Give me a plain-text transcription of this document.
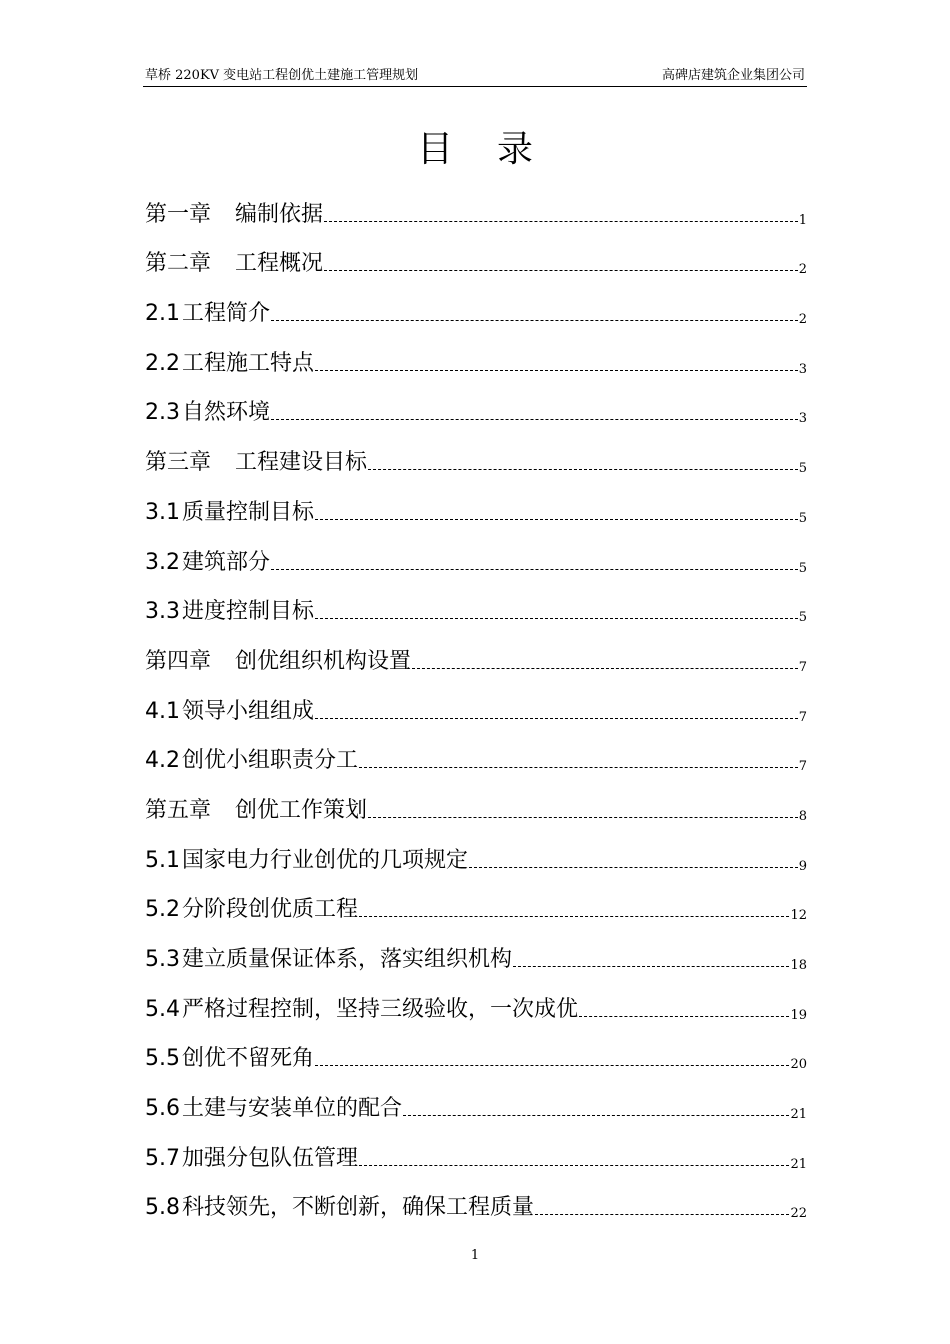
草桥 220KV 变电站工程创优土建施工管理规划	高碑店建筑企业集团公司
目 录
第一章 编制依据	1
第二章 工程概况	2
2.1工程简介	2
2.2工程施工特点	3
2.3自然环境	3
第三章 工程建设目标	5
3.1质量控制目标	5
3.2建筑部分	5
3.3进度控制目标	5
第四章 创优组织机构设置	7
4.1领导小组组成	7
4.2创优小组职责分工	7
第五章 创优工作策划	8
5.1国家电力行业创优的几项规定	9
5.2分阶段创优质工程	12
5.3建立质量保证体系，落实组织机构	18
5.4严格过程控制，坚持三级验收，一次成优	19
5.5创优不留死角	20
5.6土建与安装单位的配合	21
5.7加强分包队伍管理	21
5.8科技领先，不断创新，确保工程质量	22
1
